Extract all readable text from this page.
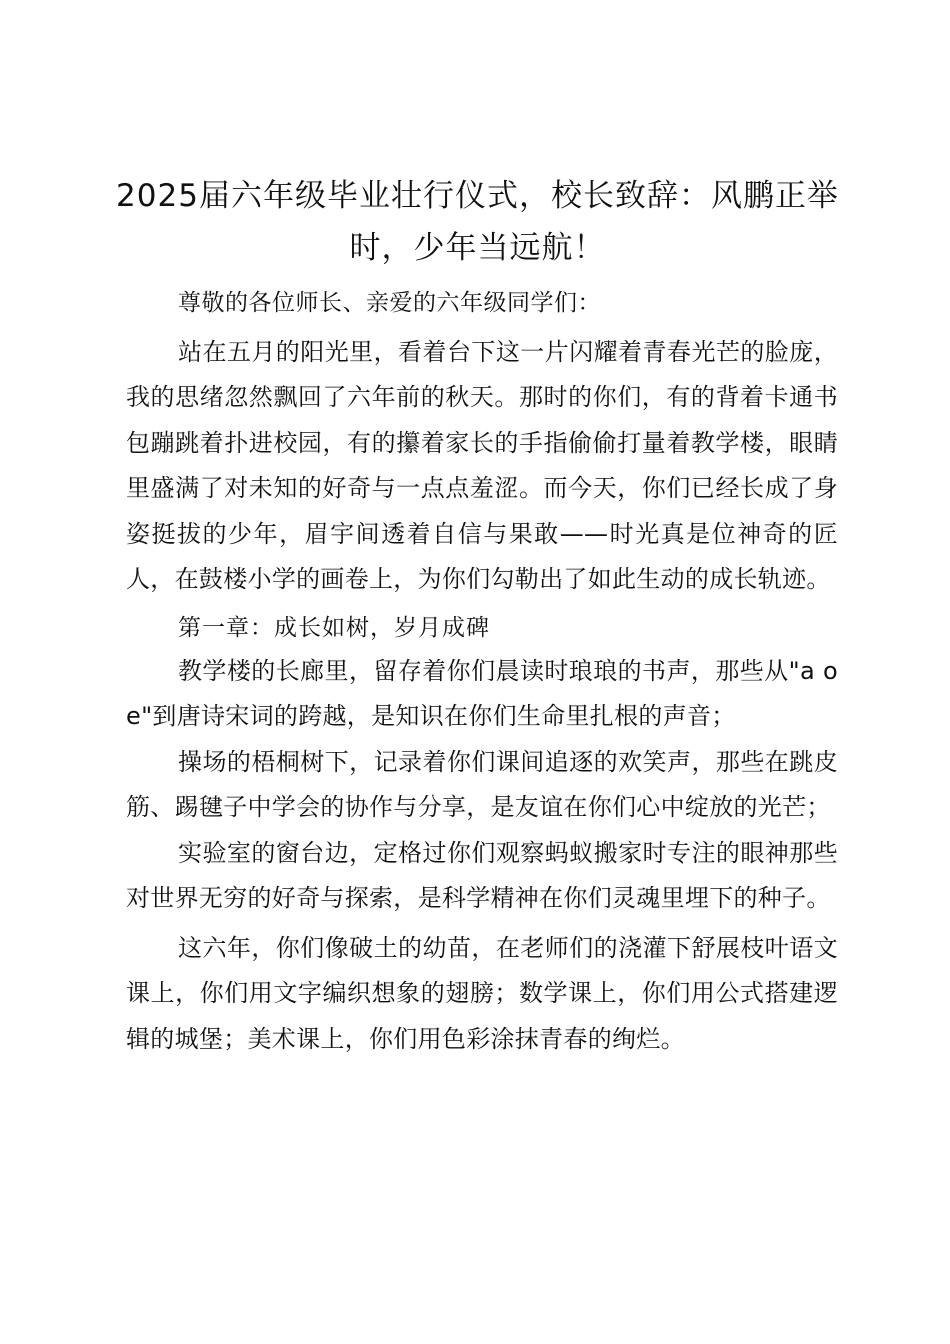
2025届六年级毕业壮行仪式，校长致辞：风鹏正举时，少年当远航！

尊敬的各位师长、亲爱的六年级同学们：

站在五月的阳光里，看着台下这一片闪耀着青春光芒的脸庞，我的思绪忽然飘回了六年前的秋天。那时的你们，有的背着卡通书包蹦跳着扑进校园，有的攥着家长的手指偷偷打量着教学楼，眼睛里盛满了对未知的好奇与一点点羞涩。而今天，你们已经长成了身姿挺拔的少年，眉宇间透着自信与果敢——时光真是位神奇的匠人，在鼓楼小学的画卷上，为你们勾勒出了如此生动的成长轨迹。

第一章：成长如树，岁月成碑

教学楼的长廊里，留存着你们晨读时琅琅的书声，那些从"a o e"到唐诗宋词的跨越，是知识在你们生命里扎根的声音；

操场的梧桐树下，记录着你们课间追逐的欢笑声，那些在跳皮筋、踢毽子中学会的协作与分享，是友谊在你们心中绽放的光芒；

实验室的窗台边，定格过你们观察蚂蚁搬家时专注的眼神那些对世界无穷的好奇与探索，是科学精神在你们灵魂里埋下的种子。

这六年，你们像破土的幼苗，在老师们的浇灌下舒展枝叶语文课上，你们用文字编织想象的翅膀；数学课上，你们用公式搭建逻辑的城堡；美术课上，你们用色彩涂抹青春的绚烂。
